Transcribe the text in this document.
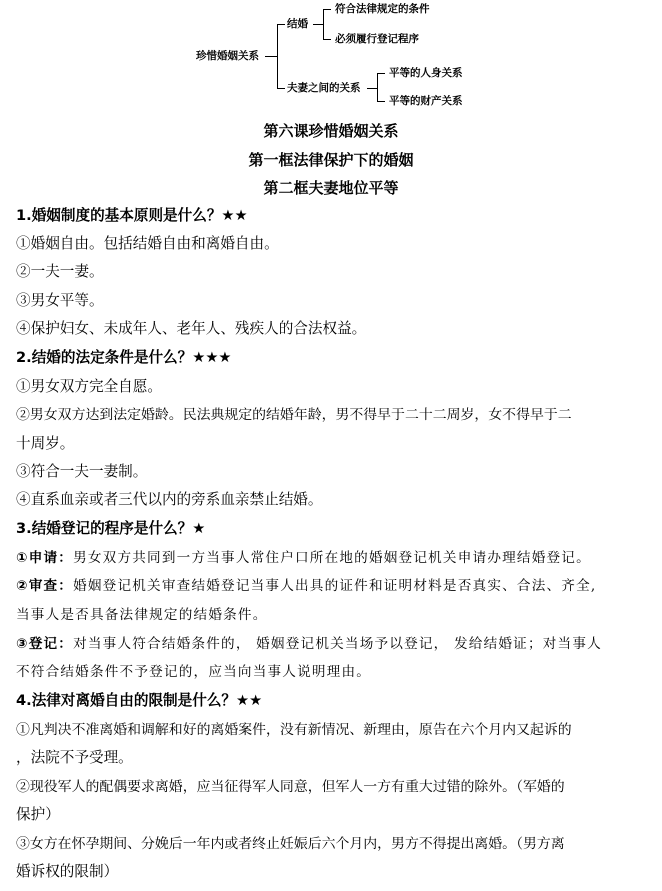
珍惜婚姻关系
结婚
符合法律规定的条件
必须履行登记程序
夫妻之间的关系
平等的人身关系
平等的财产关系
第六课珍惜婚姻关系
第一框法律保护下的婚姻
第二框夫妻地位平等
1.婚姻制度的基本原则是什么？★★
①婚姻自由。包括结婚自由和离婚自由。
②一夫一妻。
③男女平等。
④保护妇女、未成年人、老年人、残疾人的合法权益。
2.结婚的法定条件是什么？★★★
①男女双方完全自愿。
②男女双方达到法定婚龄。民法典规定的结婚年龄，男不得早于二十二周岁，女不得早于二
十周岁。
③符合一夫一妻制。
④直系血亲或者三代以内的旁系血亲禁止结婚。
3.结婚登记的程序是什么？★
①申请：男女双方共同到一方当事人常住户口所在地的婚姻登记机关申请办理结婚登记。
②审查：婚姻登记机关审查结婚登记当事人出具的证件和证明材料是否真实、合法、齐全,
当事人是否具备法律规定的结婚条件。
③登记：对当事人符合结婚条件的， 婚姻登记机关当场予以登记， 发给结婚证；对当事人
不符合结婚条件不予登记的，应当向当事人说明理由。
4.法律对离婚自由的限制是什么？★★
①凡判决不准离婚和调解和好的离婚案件，没有新情况、新理由，原告在六个月内又起诉的
，法院不予受理。
②现役军人的配偶要求离婚，应当征得军人同意，但军人一方有重大过错的除外。（军婚的
保护）
③女方在怀孕期间、分娩后一年内或者终止妊娠后六个月内，男方不得提出离婚。（男方离
婚诉权的限制）
